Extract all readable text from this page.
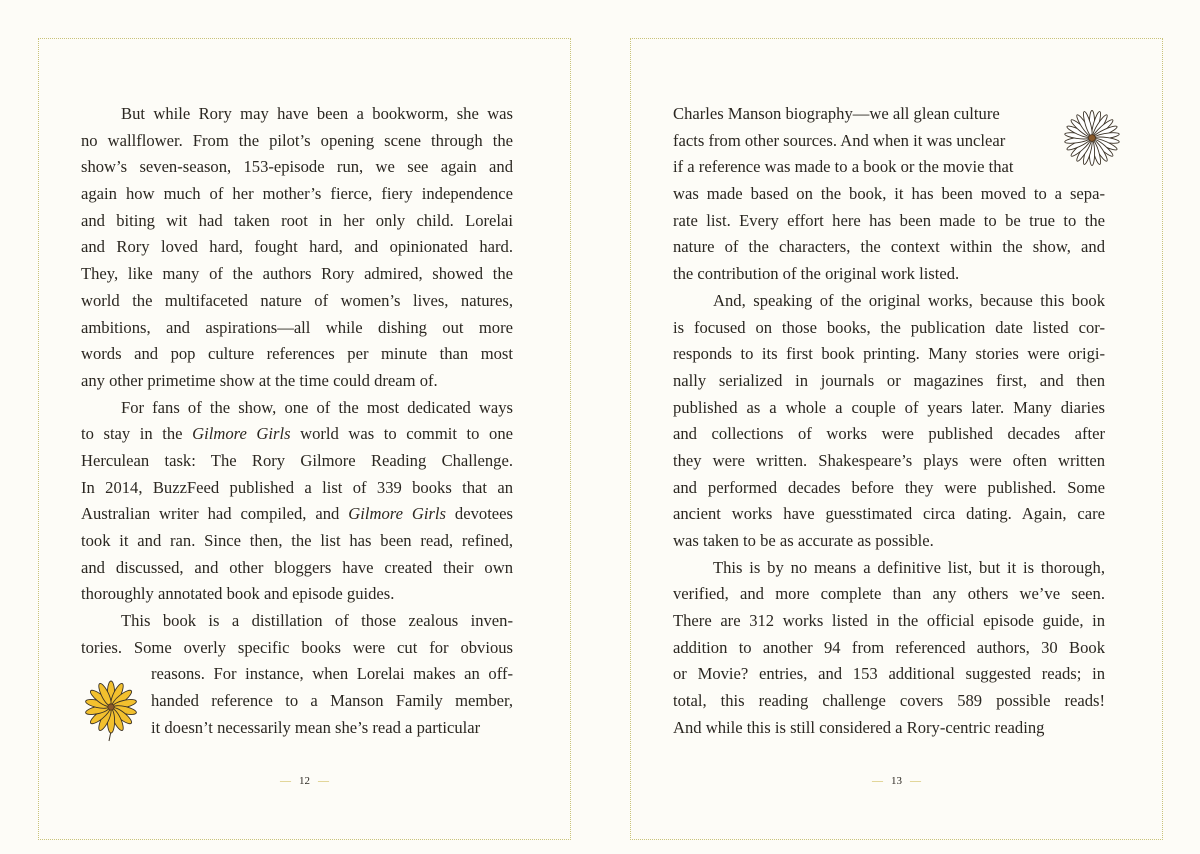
But while Rory may have been a bookworm, she was
no wallflower. From the pilot’s opening scene through the
show’s seven-season, 153-episode run, we see again and
again how much of her mother’s fierce, fiery independence
and biting wit had taken root in her only child. Lorelai
and Rory loved hard, fought hard, and opinionated hard.
They, like many of the authors Rory admired, showed the
world the multifaceted nature of women’s lives, natures,
ambitions, and aspirations—all while dishing out more
words and pop culture references per minute than most
any other primetime show at the time could dream of.
For fans of the show, one of the most dedicated ways
to stay in the Gilmore Girls world was to commit to one
Herculean task: The Rory Gilmore Reading Challenge.
In 2014, BuzzFeed published a list of 339 books that an
Australian writer had compiled, and Gilmore Girls devotees
took it and ran. Since then, the list has been read, refined,
and discussed, and other bloggers have created their own
thoroughly annotated book and episode guides.
This book is a distillation of those zealous inven-
tories. Some overly specific books were cut for obvious
reasons. For instance, when Lorelai makes an off-
handed reference to a Manson Family member,
it doesn’t necessarily mean she’s read a particular
— 12 —
Charles Manson biography—we all glean culture
facts from other sources. And when it was unclear
if a reference was made to a book or the movie that
was made based on the book, it has been moved to a sepa-
rate list. Every effort here has been made to be true to the
nature of the characters, the context within the show, and
the contribution of the original work listed.
And, speaking of the original works, because this book
is focused on those books, the publication date listed cor-
responds to its first book printing. Many stories were origi-
nally serialized in journals or magazines first, and then
published as a whole a couple of years later. Many diaries
and collections of works were published decades after
they were written. Shakespeare’s plays were often written
and performed decades before they were published. Some
ancient works have guesstimated circa dating. Again, care
was taken to be as accurate as possible.
This is by no means a definitive list, but it is thorough,
verified, and more complete than any others we’ve seen.
There are 312 works listed in the official episode guide, in
addition to another 94 from referenced authors, 30 Book
or Movie? entries, and 153 additional suggested reads; in
total, this reading challenge covers 589 possible reads!
And while this is still considered a Rory-centric reading
— 13 —
